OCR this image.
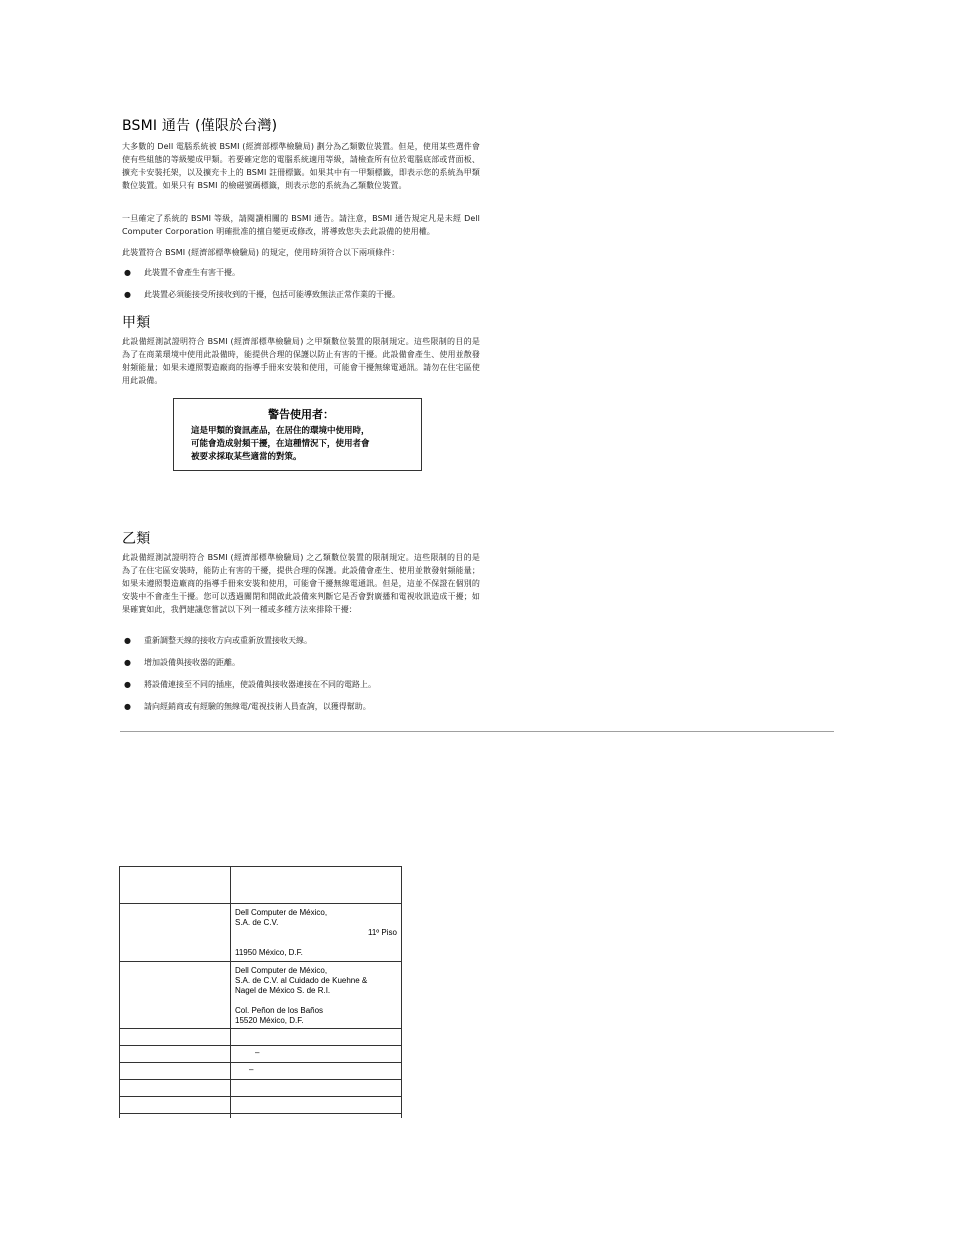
BSMI 通告 (僅限於台灣)

大多數的 Dell 電腦系統被 BSMI (經濟部標準檢驗局) 劃分為乙類數位裝置。但是，使用某些選件會使有些組態的等級變成甲類。若要確定您的電腦系統適用等級，請檢查所有位於電腦底部或背面板、擴充卡安裝托架，以及擴充卡上的 BSMI 註冊標籤。如果其中有一甲類標籤，即表示您的系統為甲類數位裝置。如果只有 BSMI 的檢磁號碼標籤，則表示您的系統為乙類數位裝置。

一旦確定了系統的 BSMI 等級，請閱讀相關的 BSMI 通告。請注意，BSMI 通告規定凡是未經 Dell Computer Corporation 明確批准的擅自變更或修改，將導致您失去此設備的使用權。

此裝置符合 BSMI (經濟部標準檢驗局) 的規定，使用時須符合以下兩項條件：

● 此裝置不會產生有害干擾。
● 此裝置必須能接受所接收到的干擾，包括可能導致無法正常作業的干擾。
甲類

此設備經測試證明符合 BSMI (經濟部標準檢驗局) 之甲類數位裝置的限制規定。這些限制的目的是為了在商業環境中使用此設備時，能提供合理的保護以防止有害的干擾。此設備會產生、使用並散發射頻能量；如果未遵照製造廠商的指導手冊來安裝和使用，可能會干擾無線電通訊。請勿在住宅區使用此設備。

警告使用者：
這是甲類的資訊產品，在居住的環境中使用時，
可能會造成射頻干擾，在這種情況下，使用者會
被要求採取某些適當的對策。
乙類

此設備經測試證明符合 BSMI (經濟部標準檢驗局) 之乙類數位裝置的限制規定。這些限制的目的是為了在住宅區安裝時，能防止有害的干擾，提供合理的保護。此設備會產生、使用並散發射頻能量；如果未遵照製造廠商的指導手冊來安裝和使用，可能會干擾無線電通訊。但是，這並不保證在個別的安裝中不會產生干擾。您可以透過關閉和開啟此設備來判斷它是否會對廣播和電視收訊造成干擾；如果確實如此，我們建議您嘗試以下列一種或多種方法來排除干擾：

● 重新調整天線的接收方向或重新放置接收天線。
● 增加設備與接收器的距離。
● 將設備連接至不同的插座，使設備與接收器連接在不同的電路上。
● 請向經銷商或有經驗的無線電/電視技術人員查詢，以獲得幫助。

	Dell Computer de México,
S.A. de C.V.
11º Piso

11950 México, D.F.

	Dell Computer de México,
S.A. de C.V. al Cuidado de Kuehne &
Nagel de México S. de R.I.

Col. Peñon de los Baños
15520 México, D.F.

	–
	–
